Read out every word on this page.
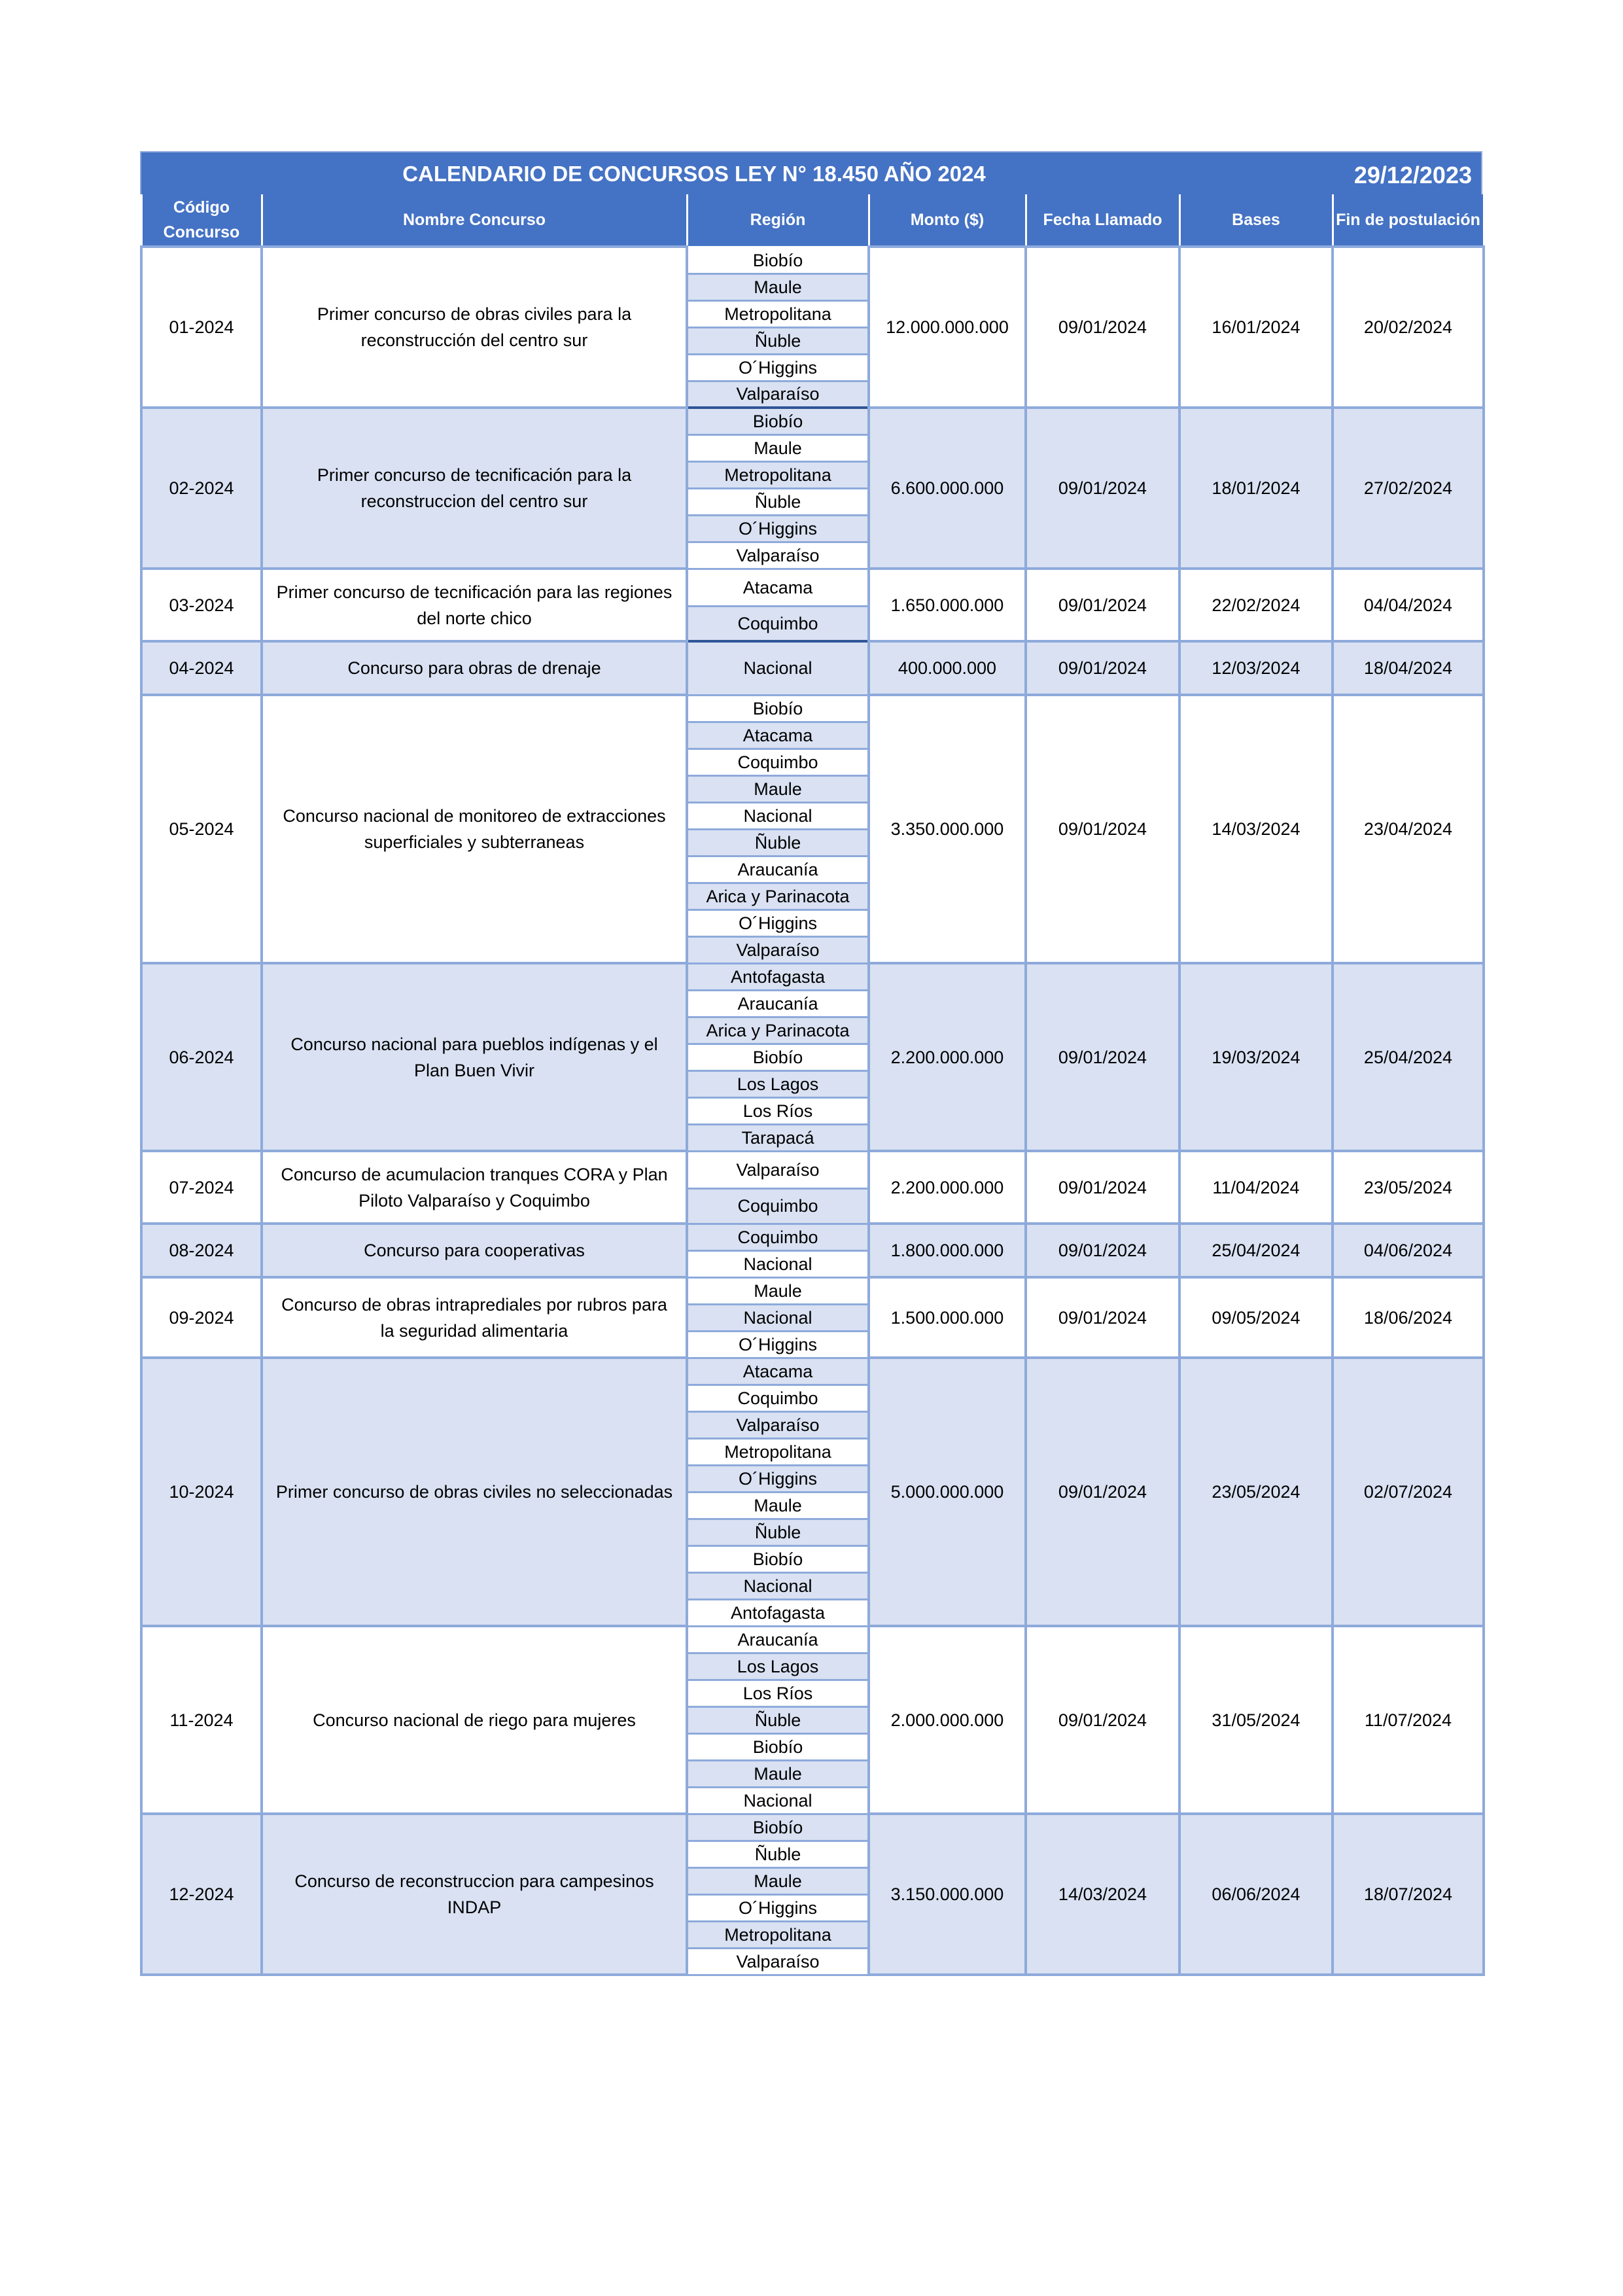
CALENDARIO DE CONCURSOS LEY N° 18.450 AÑO 2024	29/12/2023
Código Concurso	Nombre Concurso	Región	Monto ($)	Fecha Llamado	Bases	Fin de postulación
01-2024	Primer concurso de obras civiles para la reconstrucción del centro sur	Biobío	12.000.000.000	09/01/2024	16/01/2024	20/02/2024
		Maule				
		Metropolitana				
		Ñuble				
		O´Higgins				
		Valparaíso				
02-2024	Primer concurso de tecnificación para la reconstruccion del centro sur	Biobío	6.600.000.000	09/01/2024	18/01/2024	27/02/2024
		Maule				
		Metropolitana				
		Ñuble				
		O´Higgins				
		Valparaíso				
03-2024	Primer concurso de tecnificación para las regiones del norte chico	Atacama	1.650.000.000	09/01/2024	22/02/2024	04/04/2024
		Coquimbo				
04-2024	Concurso para obras de drenaje	Nacional	400.000.000	09/01/2024	12/03/2024	18/04/2024
05-2024	Concurso nacional de monitoreo de extracciones superficiales y subterraneas	Biobío	3.350.000.000	09/01/2024	14/03/2024	23/04/2024
		Atacama				
		Coquimbo				
		Maule				
		Nacional				
		Ñuble				
		Araucanía				
		Arica y Parinacota				
		O´Higgins				
		Valparaíso				
06-2024	Concurso nacional para pueblos indígenas y el Plan Buen Vivir	Antofagasta	2.200.000.000	09/01/2024	19/03/2024	25/04/2024
		Araucanía				
		Arica y Parinacota				
		Biobío				
		Los Lagos				
		Los Ríos				
		Tarapacá				
07-2024	Concurso de acumulacion tranques CORA y Plan Piloto Valparaíso y Coquimbo	Valparaíso	2.200.000.000	09/01/2024	11/04/2024	23/05/2024
		Coquimbo				
08-2024	Concurso para cooperativas	Coquimbo	1.800.000.000	09/01/2024	25/04/2024	04/06/2024
		Nacional				
09-2024	Concurso de obras intraprediales por rubros para la seguridad alimentaria	Maule	1.500.000.000	09/01/2024	09/05/2024	18/06/2024
		Nacional				
		O´Higgins				
10-2024	Primer concurso de obras civiles no seleccionadas	Atacama	5.000.000.000	09/01/2024	23/05/2024	02/07/2024
		Coquimbo				
		Valparaíso				
		Metropolitana				
		O´Higgins				
		Maule				
		Ñuble				
		Biobío				
		Nacional				
		Antofagasta				
11-2024	Concurso nacional de riego para mujeres	Araucanía	2.000.000.000	09/01/2024	31/05/2024	11/07/2024
		Los Lagos				
		Los Ríos				
		Ñuble				
		Biobío				
		Maule				
		Nacional				
12-2024	Concurso de reconstruccion para campesinos INDAP	Biobío	3.150.000.000	14/03/2024	06/06/2024	18/07/2024
		Ñuble				
		Maule				
		O´Higgins				
		Metropolitana				
		Valparaíso				
